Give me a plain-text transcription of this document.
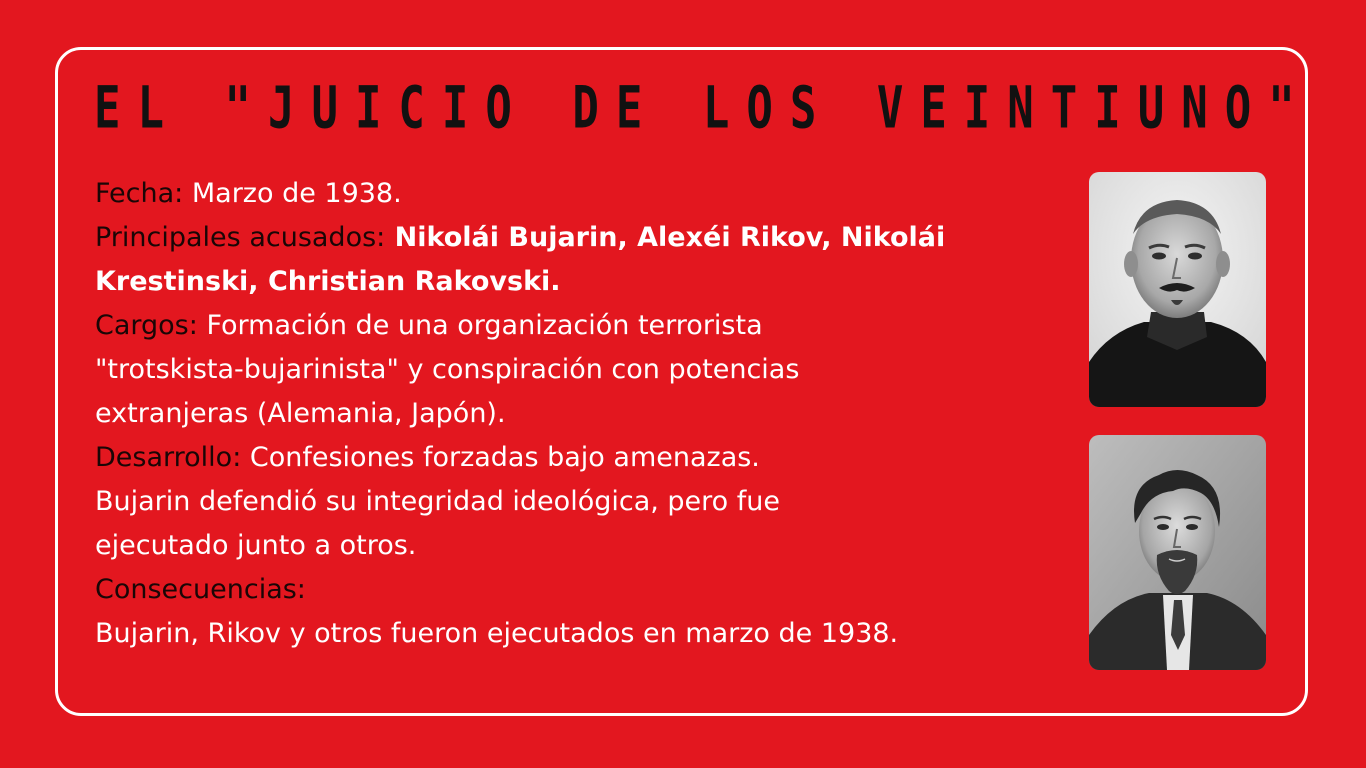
EL "JUICIO DE LOS VEINTIUNO"
Fecha: Marzo de 1938.
Principales acusados: Nikolái Bujarin, Alexéi Rikov, Nikolái
Krestinski, Christian Rakovski.
Cargos: Formación de una organización terrorista
"trotskista-bujarinista" y conspiración con potencias
extranjeras (Alemania, Japón).
Desarrollo: Confesiones forzadas bajo amenazas.
Bujarin defendió su integridad ideológica, pero fue
ejecutado junto a otros.
Consecuencias:
Bujarin, Rikov y otros fueron ejecutados en marzo de 1938.
